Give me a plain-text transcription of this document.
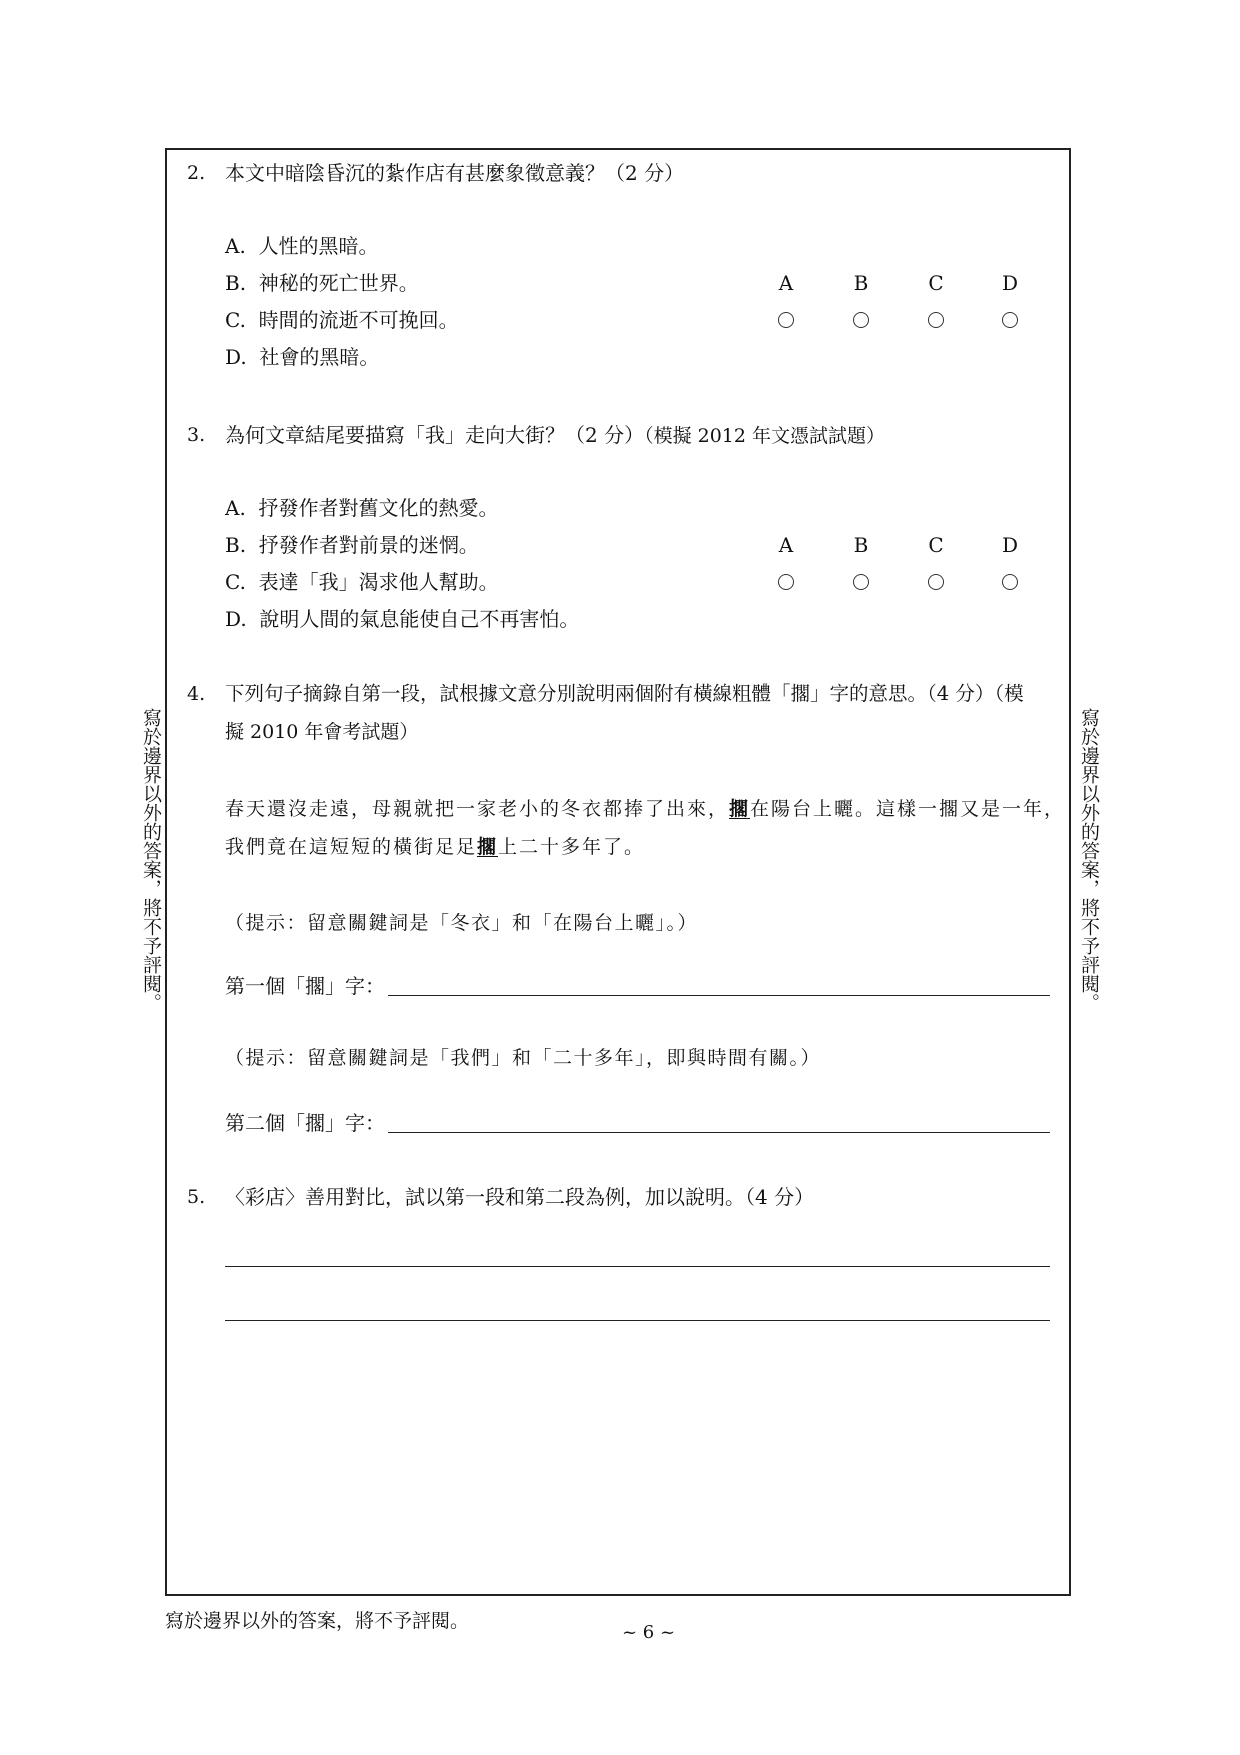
寫於邊界以外的答案，將不予評閱。	寫於邊界以外的答案，將不予評閱。
2. 本文中暗陰昏沉的紮作店有甚麼象徵意義？（2 分）
A. 人性的黑暗。
B. 神秘的死亡世界。
C. 時間的流逝不可挽回。
D. 社會的黑暗。
A	B	C	D
3. 為何文章結尾要描寫「我」走向大街？（2 分）（模擬 2012 年文憑試試題）
A. 抒發作者對舊文化的熱愛。
B. 抒發作者對前景的迷惘。
C. 表達「我」渴求他人幫助。
D. 說明人間的氣息能使自己不再害怕。
A	B	C	D
4. 下列句子摘錄自第一段，試根據文意分別說明兩個附有橫線粗體「擱」字的意思。（4 分）（模
擬 2010 年會考試題）
春天還沒走遠，母親就把一家老小的冬衣都捧了出來，擱在陽台上曬。這樣一擱又是一年，
我們竟在這短短的橫街足足擱上二十多年了。
（提示：留意關鍵詞是「冬衣」和「在陽台上曬」。）
第一個「擱」字：
（提示：留意關鍵詞是「我們」和「二十多年」，即與時間有關。）
第二個「擱」字：
5. 〈彩店〉善用對比，試以第一段和第二段為例，加以說明。（4 分）
寫於邊界以外的答案，將不予評閱。
~ 6 ~
